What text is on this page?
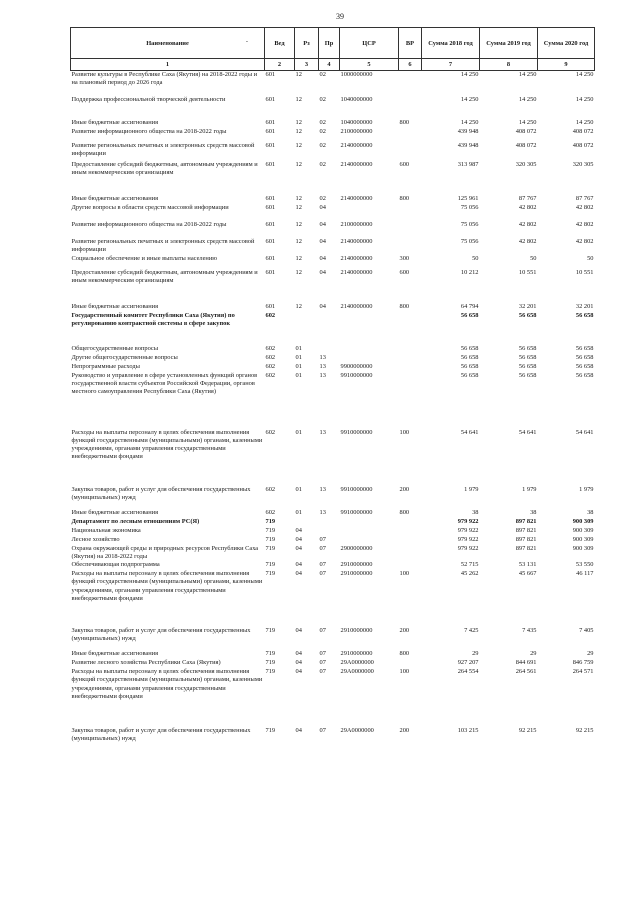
39
Наименование -	Вед	Рз	Пр	ЦСР	ВР	Сумма 2018 год	Сумма 2019 год	Сумма 2020 год
1	2	3	4	5	6	7	8	9
Развитие культуры в Республике Саха (Якутия) на 2018-2022 годы и на плановый период до 2026 года	601	12	02	1000000000		14 250	14 250	14 250
Поддержка профессиональной творческой деятельности	601	12	02	1040000000		14 250	14 250	14 250
Иные бюджетные ассигнования	601	12	02	1040000000	800	14 250	14 250	14 250
Развитие информационного общества на 2018-2022 годы	601	12	02	2100000000		439 948	408 072	408 072
Развитие региональных печатных и электронных средств массовой информации	601	12	02	2140000000		439 948	408 072	408 072
Предоставление субсидий бюджетным, автономным учреждениям и иным некоммерческим организациям	601	12	02	2140000000	600	313 987	320 305	320 305
Иные бюджетные ассигнования	601	12	02	2140000000	800	125 961	87 767	87 767
Другие вопросы в области средств массовой информации	601	12	04			75 056	42 802	42 802
Развитие информационного общества на 2018-2022 годы	601	12	04	2100000000		75 056	42 802	42 802
Развитие региональных печатных и электронных средств массовой информации	601	12	04	2140000000		75 056	42 802	42 802
Социальное обеспечение и иные выплаты населению	601	12	04	2140000000	300	50	50	50
Предоставление субсидий бюджетным, автономным учреждениям и иным некоммерческим организациям	601	12	04	2140000000	600	10 212	10 551	10 551
Иные бюджетные ассигнования	601	12	04	2140000000	800	64 794	32 201	32 201
Государственный комитет Республики Саха (Якутия) по регулированию контрактной системы в сфере закупок	602					56 658	56 658	56 658
Общегосударственные вопросы	602	01				56 658	56 658	56 658
Другие общегосударственные вопросы	602	01	13			56 658	56 658	56 658
Непрограммные расходы	602	01	13	9900000000		56 658	56 658	56 658
Руководство и управление в сфере установленных функций органов государственной власти субъектов Российской Федерации, органов местного самоуправления Республики Саха (Якутия)	602	01	13	9910000000		56 658	56 658	56 658
Расходы на выплаты персоналу в целях обеспечения выполнения функций государственными (муниципальными) органами, казенными учреждениями, органами управления государственными внебюджетными фондами	602	01	13	9910000000	100	54 641	54 641	54 641
Закупка товаров, работ и услуг для обеспечения государственных (муниципальных) нужд	602	01	13	9910000000	200	1 979	1 979	1 979
Иные бюджетные ассигнования	602	01	13	9910000000	800	38	38	38
Департамент по лесным отношениям РС(Я)	719					979 922	897 821	900 309
Национальная экономика	719	04				979 922	897 821	900 309
Лесное хозяйство	719	04	07			979 922	897 821	900 309
Охрана окружающей среды и природных ресурсов Республики Саха (Якутия) на 2018-2022 годы	719	04	07	2900000000		979 922	897 821	900 309
Обеспечивающая подпрограмма	719	04	07	2910000000		52 715	53 131	53 550
Расходы на выплаты персоналу в целях обеспечения выполнения функций государственными (муниципальными) органами, казенными учреждениями, органами управления государственными внебюджетными фондами	719	04	07	2910000000	100	45 262	45 667	46 117
Закупка товаров, работ и услуг для обеспечения государственных (муниципальных) нужд	719	04	07	2910000000	200	7 425	7 435	7 405
Иные бюджетные ассигнования	719	04	07	2910000000	800	29	29	29
Развитие лесного хозяйства Республики Саха (Якутия)	719	04	07	29А0000000		927 207	844 691	846 759
Расходы на выплаты персоналу в целях обеспечения выполнения функций государственными (муниципальными) органами, казенными учреждениями, органами управления государственными внебюджетными фондами	719	04	07	29А0000000	100	264 554	264 561	264 571
Закупка товаров, работ и услуг для обеспечения государственных (муниципальных) нужд	719	04	07	29А0000000	200	103 215	92 215	92 215
